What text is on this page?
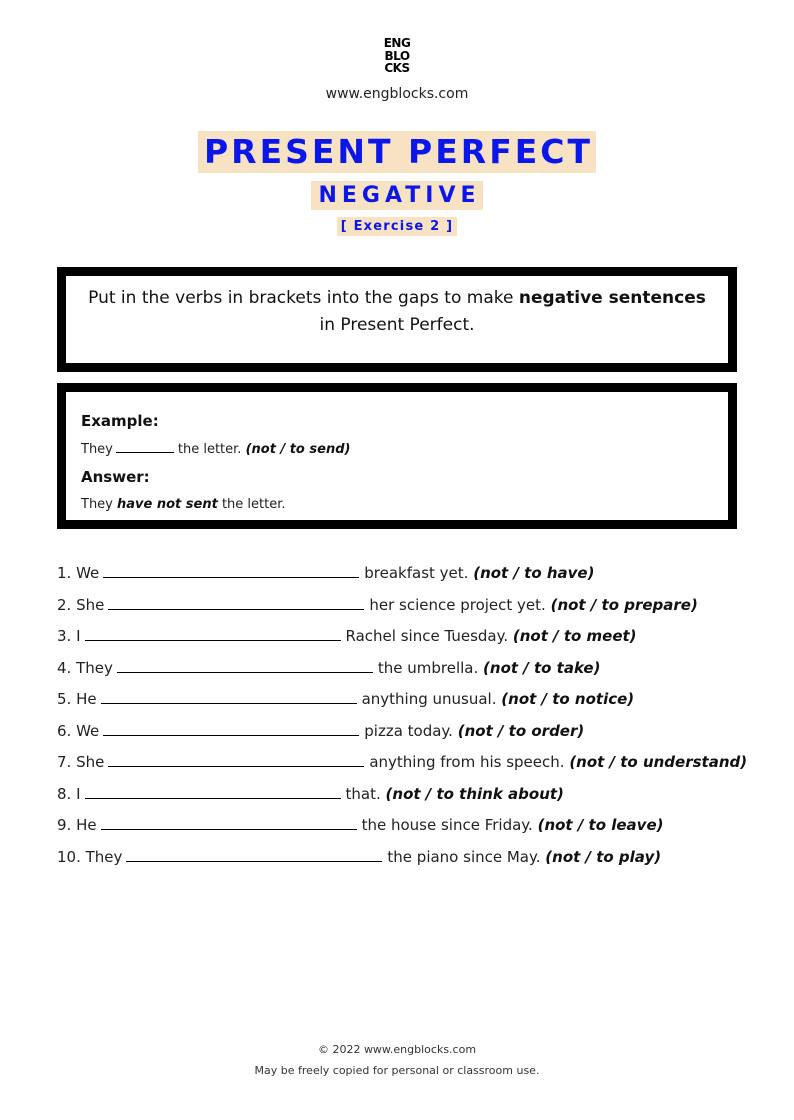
ENG
BLO
CKS
www.engblocks.com
PRESENT PERFECT
NEGATIVE
[ Exercise 2 ]
Put in the verbs in brackets into the gaps to make negative sentences
in Present Perfect.
Example:
They	the letter. (not / to send)
Answer:
They have not sent the letter.
1. We	breakfast yet. (not / to have)
2. She	her science project yet. (not / to prepare)
3. I	Rachel since Tuesday. (not / to meet)
4. They	the umbrella. (not / to take)
5. He	anything unusual. (not / to notice)
6. We	pizza today. (not / to order)
7. She	anything from his speech. (not / to understand)
8. I	that. (not / to think about)
9. He	the house since Friday. (not / to leave)
10. They	the piano since May. (not / to play)
© 2022 www.engblocks.com
May be freely copied for personal or classroom use.
